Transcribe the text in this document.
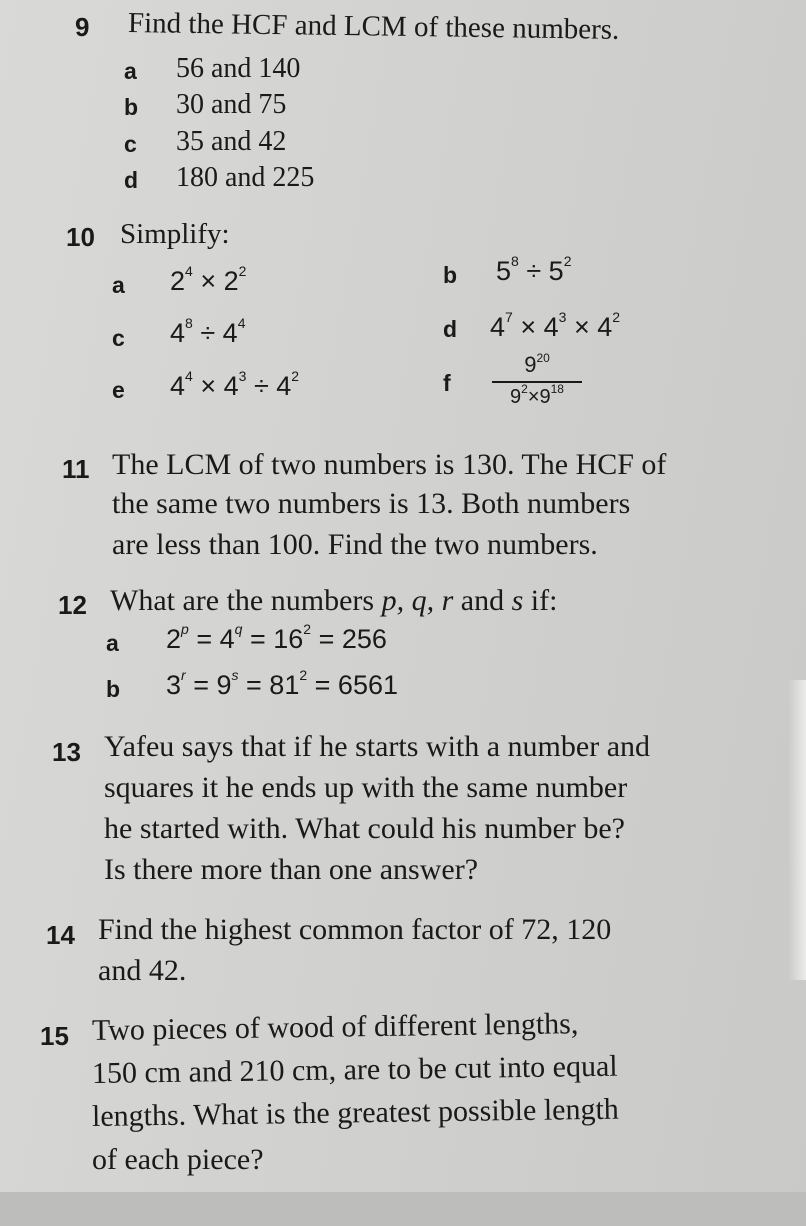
9 Find the HCF and LCM of these numbers.
a 56 and 140
b 30 and 75
c 35 and 42
d 180 and 225
10 Simplify:
a $2^4 \times 2^2$	b $5^8 \div 5^2$
c $4^8 \div 4^4$	d $4^7 \times 4^3 \times 4^2$
e $4^4 \times 4^3 \div 4^2$	f
$9^{20}$
$9^2\times 9^{18}$
11 The LCM of two numbers is 130. The HCF of
the same two numbers is 13. Both numbers
are less than 100. Find the two numbers.
12 What are the numbers p, q, r and s if:
a $2^p = 4^q = 16^2 = 256$
b $3^r = 9^s = 81^2 = 6561$
13 Yafeu says that if he starts with a number and
squares it he ends up with the same number
he started with. What could his number be?
Is there more than one answer?
14 Find the highest common factor of 72, 120
and 42.
15 Two pieces of wood of different lengths,
150 cm and 210 cm, are to be cut into equal
lengths. What is the greatest possible length
of each piece?
